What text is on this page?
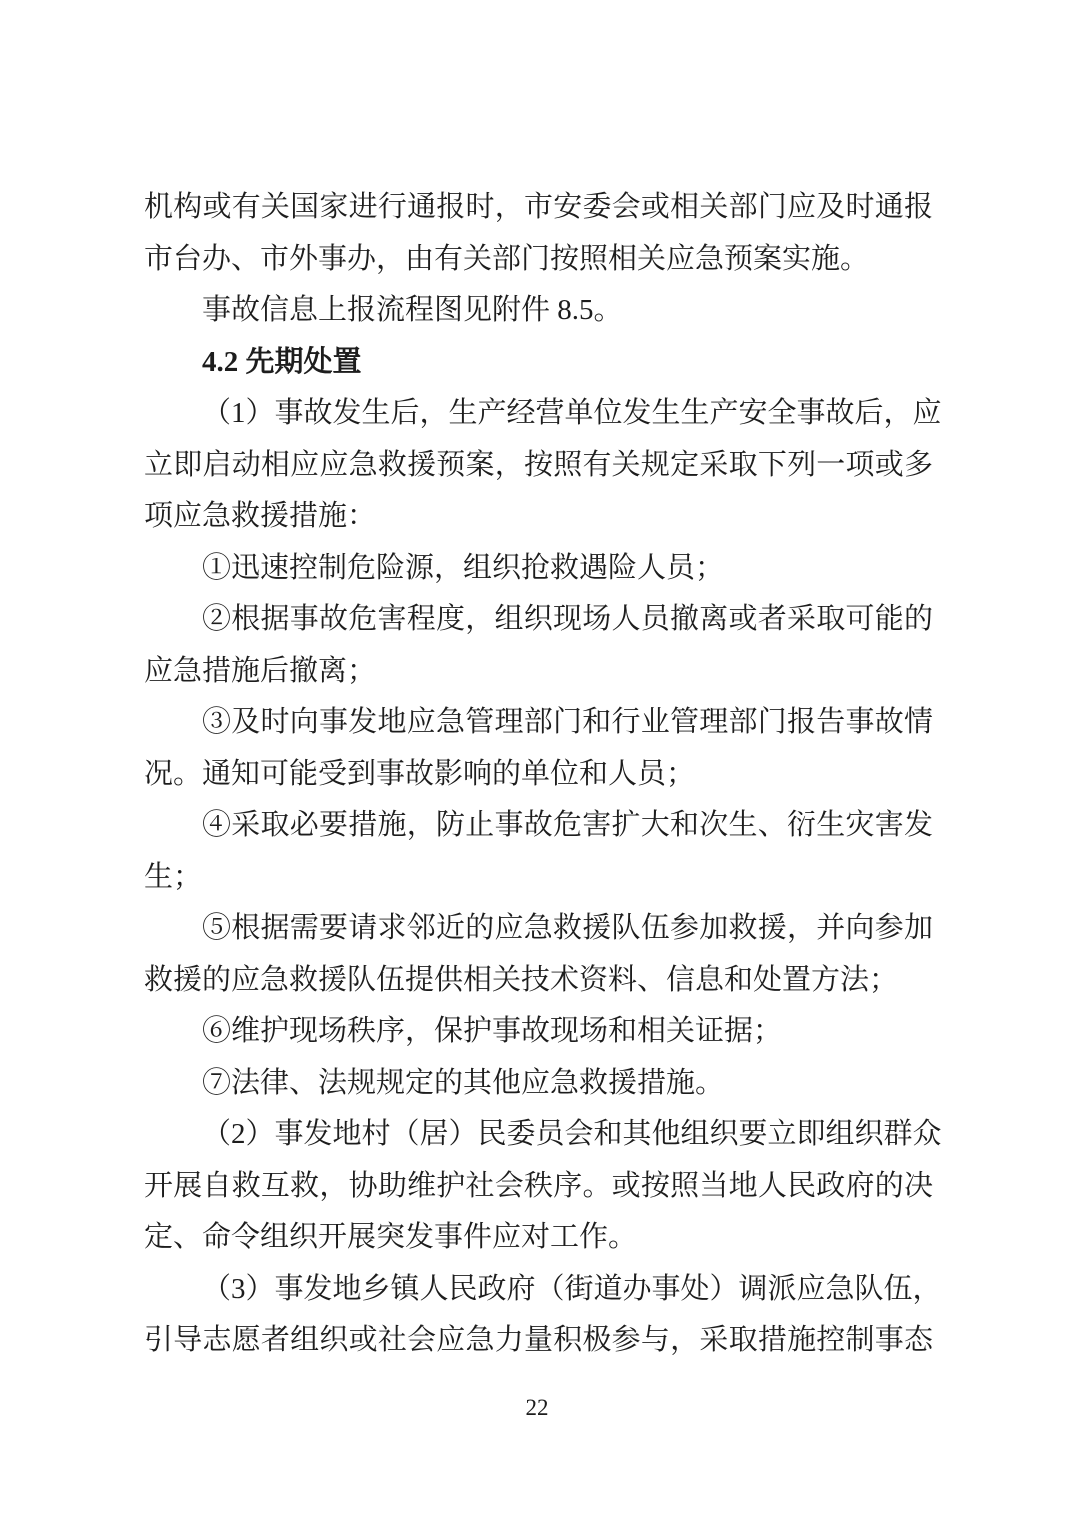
机构或有关国家进行通报时，市安委会或相关部门应及时通报
市台办、市外事办，由有关部门按照相关应急预案实施。
事故信息上报流程图见附件 8.5。
4.2 先期处置
（1）事故发生后，生产经营单位发生生产安全事故后，应
立即启动相应应急救援预案，按照有关规定采取下列一项或多
项应急救援措施：
①迅速控制危险源，组织抢救遇险人员；
②根据事故危害程度，组织现场人员撤离或者采取可能的
应急措施后撤离；
③及时向事发地应急管理部门和行业管理部门报告事故情
况。通知可能受到事故影响的单位和人员；
④采取必要措施，防止事故危害扩大和次生、衍生灾害发
生；
⑤根据需要请求邻近的应急救援队伍参加救援，并向参加
救援的应急救援队伍提供相关技术资料、信息和处置方法；
⑥维护现场秩序，保护事故现场和相关证据；
⑦法律、法规规定的其他应急救援措施。
（2）事发地村（居）民委员会和其他组织要立即组织群众
开展自救互救，协助维护社会秩序。或按照当地人民政府的决
定、命令组织开展突发事件应对工作。
（3）事发地乡镇人民政府（街道办事处）调派应急队伍，
引导志愿者组织或社会应急力量积极参与，采取措施控制事态
22
